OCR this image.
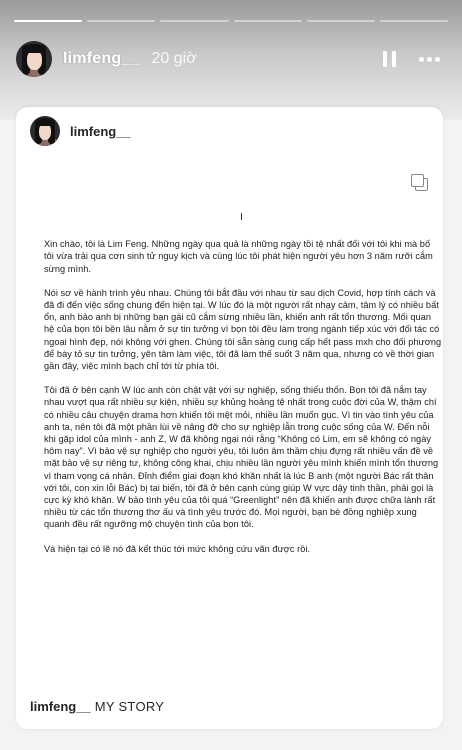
limfeng__ 20 giờ
limfeng__
I

Xin chào, tôi là Lim Feng. Những ngày qua quả là những ngày tồi tệ nhất đối với tôi khi mà bố tôi vừa trải qua cơn sinh tử nguy kịch và cùng lúc tôi phát hiện người yêu hơn 3 năm rưỡi cắm sừng mình.

Nói sơ về hành trình yêu nhau. Chúng tôi bắt đầu với nhau từ sau dịch Covid, hợp tính cách và đã đi đến việc sống chung đến hiện tại. W lúc đó là một người rất nhạy cảm, tâm lý có nhiều bất ổn, anh bảo anh bị những bạn gái cũ cắm sừng nhiều lần, khiến anh rất tổn thương. Mối quan hệ của bọn tôi bền lâu nằm ở sự tin tưởng vì bọn tôi đều làm trong ngành tiếp xúc với đối tác có ngoại hình đẹp, nói không với ghen. Chúng tôi sẵn sàng cung cấp hết pass mxh cho đối phương để bày tỏ sự tin tưởng, yên tâm làm việc, tôi đã làm thế suốt 3 năm qua, nhưng có về thời gian gần đây, việc mình bạch chỉ tới từ phía tôi.

Tôi đã ở bên cạnh W lúc anh còn chật vật với sự nghiệp, sống thiếu thốn. Bọn tôi đã nắm tay nhau vượt qua rất nhiều sự kiện, nhiều sự khủng hoảng tệ nhất trong cuộc đời của W, thậm chí có nhiều câu chuyện drama hơn khiến tôi mệt mỏi, nhiều lần muốn gục. Vì tin vào tình yêu của anh ta, nên tôi đã một phần lùi về nâng đỡ cho sự nghiệp lẫn trong cuộc sống của W. Đến nỗi khi gặp idol của mình - anh Z, W đã không ngại nói rằng “Không có Lim, em sẽ không có ngày hôm nay”. Vì bảo vệ sự nghiệp cho người yêu, tôi luôn âm thầm chịu đựng rất nhiều vấn đề về mặt bảo vệ sự riêng tư, không công khai, chịu nhiều lần người yêu mình khiến mình tổn thương vì tham vọng cá nhân. Đỉnh điểm giai đoạn khó khăn nhất là lúc B anh (một người Bác rất thân với tôi, con xin lỗi Bác) bị tai biến, tôi đã ở bên cạnh cùng giúp W vực dậy tinh thần, phải gọi là cực kỳ khó khăn. W bảo tình yêu của tôi quá “Greenlight” nên đã khiến anh được chữa lành rất nhiều từ các tổn thương thơ ấu và tình yêu trước đó. Mọi người, bạn bè đồng nghiệp xung quanh đều rất ngưỡng mộ chuyện tình của bọn tôi.

Và hiện tại có lẽ nó đã kết thúc tới mức không cứu vãn được rồi.

limfeng__ MY STORY
